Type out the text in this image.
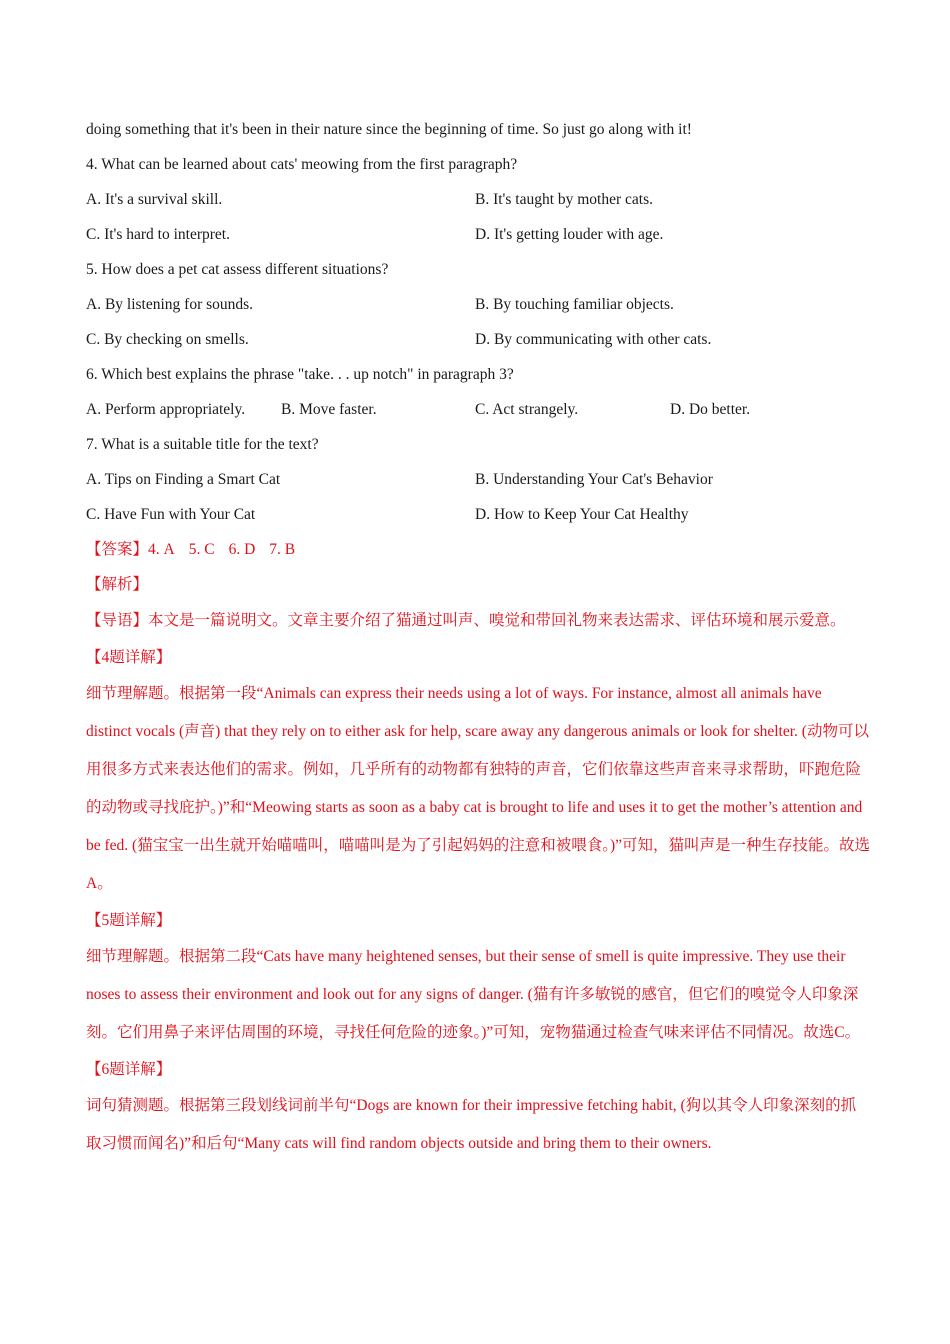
doing something that it's been in their nature since the beginning of time. So just go along with it!
4. What can be learned about cats' meowing from the first paragraph?
A. It's a survival skill.	B. It's taught by mother cats.
C. It's hard to interpret.	D. It's getting louder with age.
5. How does a pet cat assess different situations?
A. By listening for sounds.	B. By touching familiar objects.
C. By checking on smells.	D. By communicating with other cats.
6. Which best explains the phrase "take. . . up notch" in paragraph 3?
A. Perform appropriately.	B. Move faster.	C. Act strangely.	D. Do better.
7. What is a suitable title for the text?
A. Tips on Finding a Smart Cat	B. Understanding Your Cat's Behavior
C. Have Fun with Your Cat	D. How to Keep Your Cat Healthy
【答案】4. A 5. C 6. D 7. B
【解析】
【导语】本文是一篇说明文。文章主要介绍了猫通过叫声、嗅觉和带回礼物来表达需求、评估环境和展示爱意。
【4题详解】
细节理解题。根据第一段“Animals can express their needs using a lot of ways. For instance, almost all animals have distinct vocals (声音) that they rely on to either ask for help, scare away any dangerous animals or look for shelter. (动物可以用很多方式来表达他们的需求。例如，几乎所有的动物都有独特的声音，它们依靠这些声音来寻求帮助，吓跑危险的动物或寻找庇护。)”和“Meowing starts as soon as a baby cat is brought to life and uses it to get the mother’s attention and be fed. (猫宝宝一出生就开始喵喵叫，喵喵叫是为了引起妈妈的注意和被喂食。)”可知，猫叫声是一种生存技能。故选A。
【5题详解】
细节理解题。根据第二段“Cats have many heightened senses, but their sense of smell is quite impressive. They use their noses to assess their environment and look out for any signs of danger. (猫有许多敏锐的感官，但它们的嗅觉令人印象深刻。它们用鼻子来评估周围的环境，寻找任何危险的迹象。)”可知，宠物猫通过检查气味来评估不同情况。故选C。
【6题详解】
词句猜测题。根据第三段划线词前半句“Dogs are known for their impressive fetching habit, (狗以其令人印象深刻的抓取习惯而闻名)”和后句“Many cats will find random objects outside and bring them to their owners.
